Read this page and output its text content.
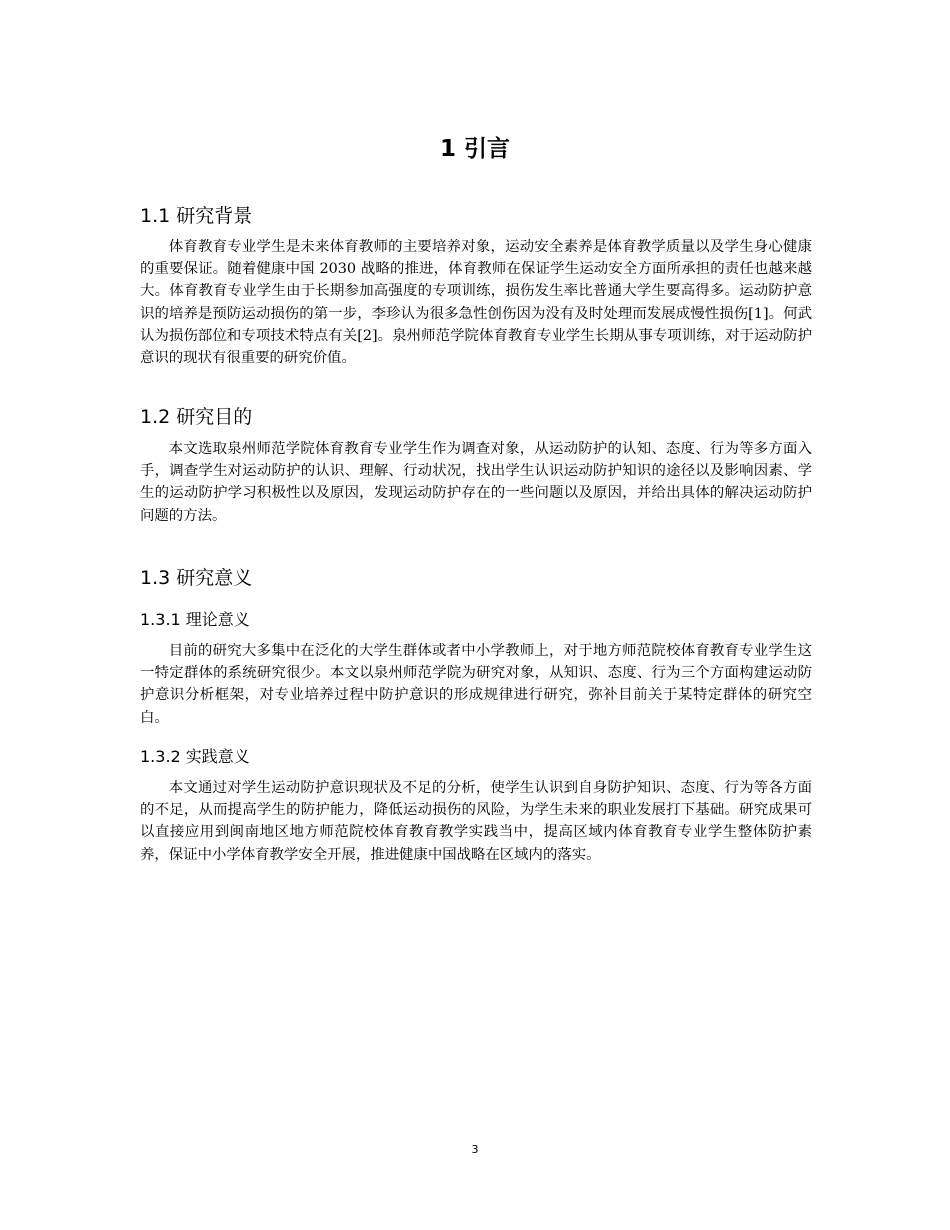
1 引言
1.1 研究背景

体育教育专业学生是未来体育教师的主要培养对象，运动安全素养是体育教学质量以及学生身心健康的重要保证。随着健康中国 2030 战略的推进，体育教师在保证学生运动安全方面所承担的责任也越来越大。体育教育专业学生由于长期参加高强度的专项训练，损伤发生率比普通大学生要高得多。运动防护意识的培养是预防运动损伤的第一步，李珍认为很多急性创伤因为没有及时处理而发展成慢性损伤[1]。何武认为损伤部位和专项技术特点有关[2]。泉州师范学院体育教育专业学生长期从事专项训练，对于运动防护意识的现状有很重要的研究价值。

1.2 研究目的

本文选取泉州师范学院体育教育专业学生作为调查对象，从运动防护的认知、态度、行为等多方面入手，调查学生对运动防护的认识、理解、行动状况，找出学生认识运动防护知识的途径以及影响因素、学生的运动防护学习积极性以及原因，发现运动防护存在的一些问题以及原因，并给出具体的解决运动防护问题的方法。

1.3 研究意义
1.3.1 理论意义

目前的研究大多集中在泛化的大学生群体或者中小学教师上，对于地方师范院校体育教育专业学生这一特定群体的系统研究很少。本文以泉州师范学院为研究对象，从知识、态度、行为三个方面构建运动防护意识分析框架，对专业培养过程中防护意识的形成规律进行研究，弥补目前关于某特定群体的研究空白。

1.3.2 实践意义

本文通过对学生运动防护意识现状及不足的分析，使学生认识到自身防护知识、态度、行为等各方面的不足，从而提高学生的防护能力，降低运动损伤的风险，为学生未来的职业发展打下基础。研究成果可以直接应用到闽南地区地方师范院校体育教育教学实践当中，提高区域内体育教育专业学生整体防护素养，保证中小学体育教学安全开展，推进健康中国战略在区域内的落实。

3
